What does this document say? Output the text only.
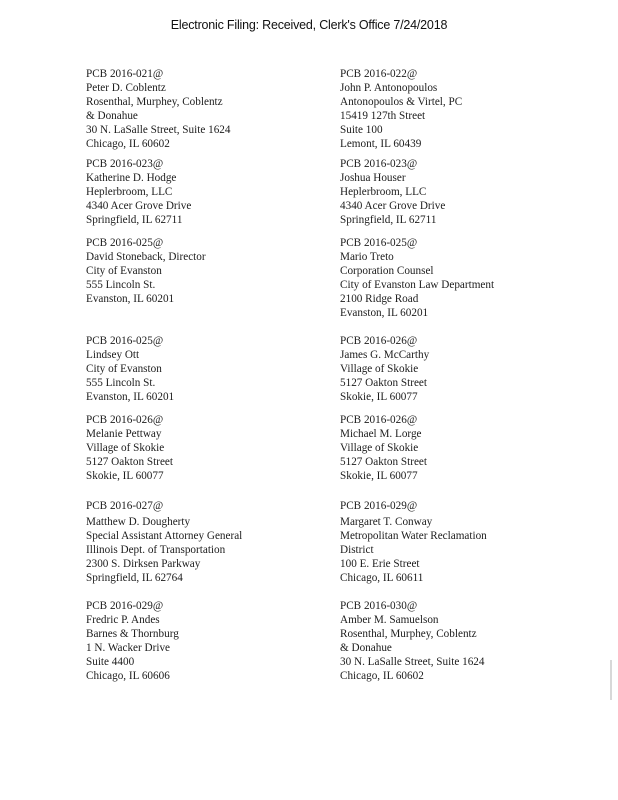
Electronic Filing: Received, Clerk's Office 7/24/2018
PCB 2016-021@
Peter D. Coblentz
Rosenthal, Murphey, Coblentz
& Donahue
30 N. LaSalle Street, Suite 1624
Chicago, IL 60602
PCB 2016-022@
John P. Antonopoulos
Antonopoulos & Virtel, PC
15419 127th Street
Suite 100
Lemont, IL 60439
PCB 2016-023@
Katherine D. Hodge
Heplerbroom, LLC
4340 Acer Grove Drive
Springfield, IL 62711
PCB 2016-023@
Joshua Houser
Heplerbroom, LLC
4340 Acer Grove Drive
Springfield, IL 62711
PCB 2016-025@
David Stoneback, Director
City of Evanston
555 Lincoln St.
Evanston, IL 60201
PCB 2016-025@
Mario Treto
Corporation Counsel
City of Evanston Law Department
2100 Ridge Road
Evanston, IL 60201
PCB 2016-025@
Lindsey Ott
City of Evanston
555 Lincoln St.
Evanston, IL 60201
PCB 2016-026@
James G. McCarthy
Village of Skokie
5127 Oakton Street
Skokie, IL 60077
PCB 2016-026@
Melanie Pettway
Village of Skokie
5127 Oakton Street
Skokie, IL 60077
PCB 2016-026@
Michael M. Lorge
Village of Skokie
5127 Oakton Street
Skokie, IL 60077
PCB 2016-027@
Matthew D. Dougherty
Special Assistant Attorney General
Illinois Dept. of Transportation
2300 S. Dirksen Parkway
Springfield, IL 62764
PCB 2016-029@
Margaret T. Conway
Metropolitan Water Reclamation
District
100 E. Erie Street
Chicago, IL 60611
PCB 2016-029@
Fredric P. Andes
Barnes & Thornburg
1 N. Wacker Drive
Suite 4400
Chicago, IL 60606
PCB 2016-030@
Amber M. Samuelson
Rosenthal, Murphey, Coblentz
& Donahue
30 N. LaSalle Street, Suite 1624
Chicago, IL 60602
